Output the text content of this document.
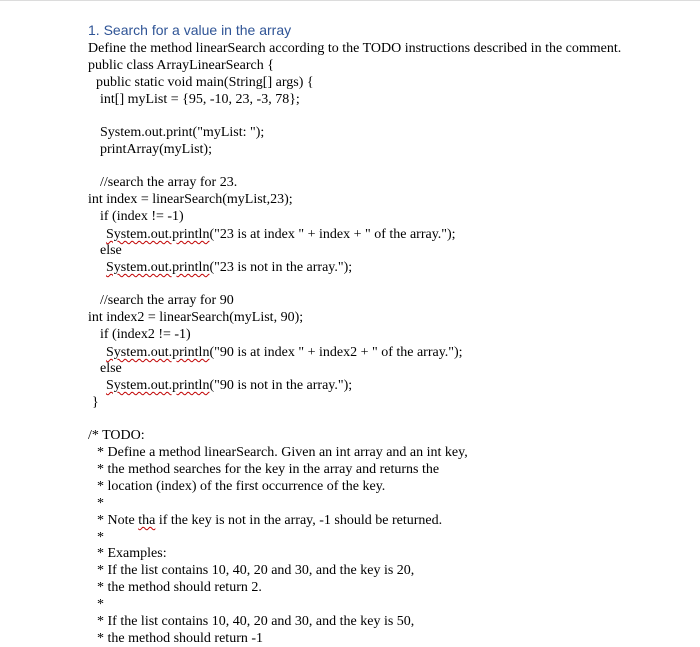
1. Search for a value in the array
Define the method linearSearch according to the TODO instructions described in the comment.
public class ArrayLinearSearch {
public static void main(String[] args) {
int[] myList = {95, -10, 23, -3, 78};
System.out.print("myList: ");
printArray(myList);
//search the array for 23.
int index = linearSearch(myList,23);
if (index != -1)
System.out.println("23 is at index " + index + " of the array.");
else
System.out.println("23 is not in the array.");
//search the array for 90
int index2 = linearSearch(myList, 90);
if (index2 != -1)
System.out.println("90 is at index " + index2 + " of the array.");
else
System.out.println("90 is not in the array.");
}
/* TODO:
* Define a method linearSearch. Given an int array and an int key,
* the method searches for the key in the array and returns the
* location (index) of the first occurrence of the key.
*
* Note tha if the key is not in the array, -1 should be returned.
*
* Examples:
* If the list contains 10, 40, 20 and 30, and the key is 20,
* the method should return 2.
*
* If the list contains 10, 40, 20 and 30, and the key is 50,
* the method should return -1
